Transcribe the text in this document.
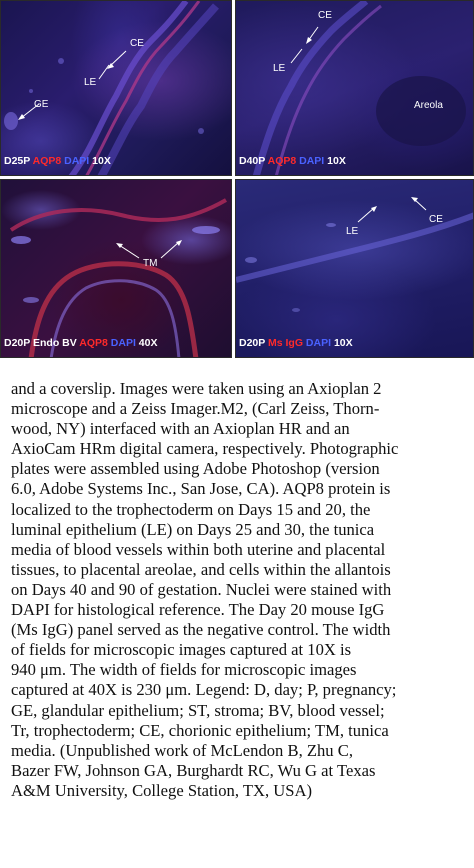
CE
LE
GE
D25P AQP8 DAPI 10X
CE
LE
Areola
D40P AQP8 DAPI 10X
TM
D20P Endo BV AQP8 DAPI 40X
LE
CE
D20P Ms IgG DAPI 10X
and a coverslip. Images were taken using an Axioplan 2
microscope and a Zeiss Imager.M2, (Carl Zeiss, Thorn-
wood, NY) interfaced with an Axioplan HR and an
AxioCam HRm digital camera, respectively. Photographic
plates were assembled using Adobe Photoshop (version
6.0, Adobe Systems Inc., San Jose, CA). AQP8 protein is
localized to the trophectoderm on Days 15 and 20, the
luminal epithelium (LE) on Days 25 and 30, the tunica
media of blood vessels within both uterine and placental
tissues, to placental areolae, and cells within the allantois
on Days 40 and 90 of gestation. Nuclei were stained with
DAPI for histological reference. The Day 20 mouse IgG
(Ms IgG) panel served as the negative control. The width
of fields for microscopic images captured at 10X is
940 μm. The width of fields for microscopic images
captured at 40X is 230 μm. Legend: D, day; P, pregnancy;
GE, glandular epithelium; ST, stroma; BV, blood vessel;
Tr, trophectoderm; CE, chorionic epithelium; TM, tunica
media. (Unpublished work of McLendon B, Zhu C,
Bazer FW, Johnson GA, Burghardt RC, Wu G at Texas
A&M University, College Station, TX, USA)
